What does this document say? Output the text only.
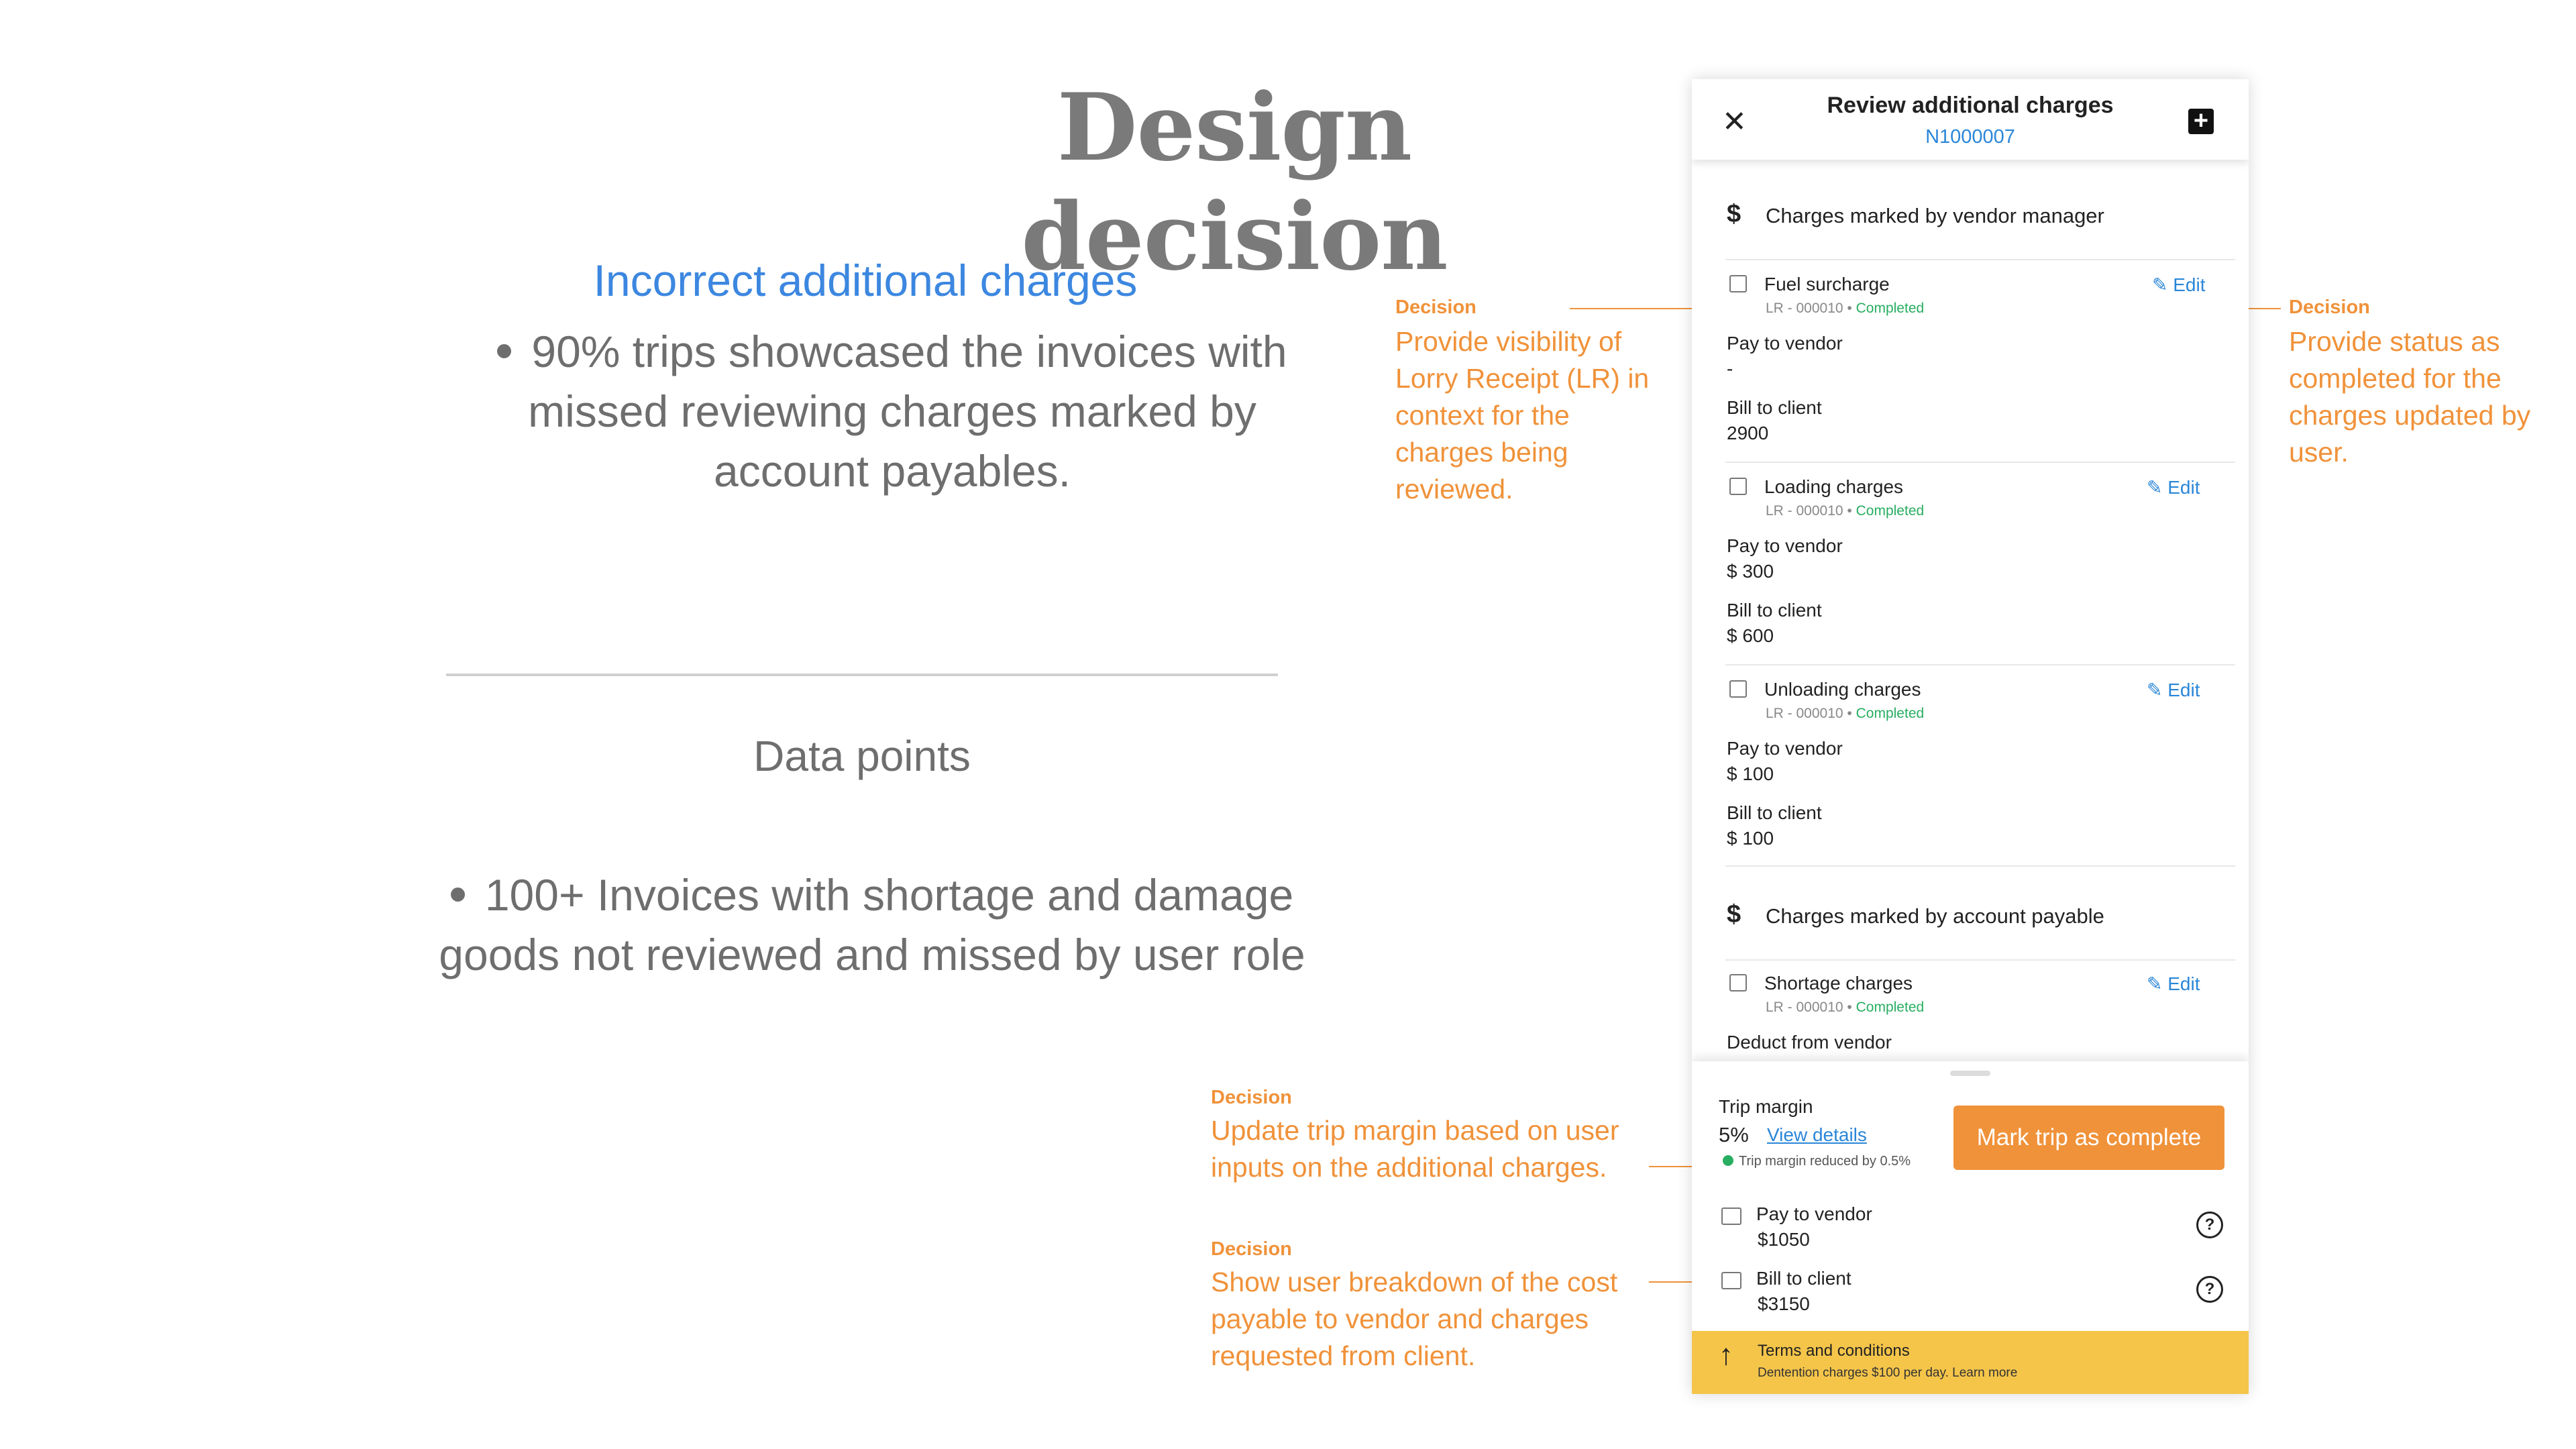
Design decision
Incorrect additional charges
90% trips showcased the invoices with missed reviewing charges marked by account payables.
Data points
100+ Invoices with shortage and damage goods not reviewed and missed by user role
Decision
Provide visibility of Lorry Receipt (LR) in context for the charges being reviewed.
Decision
Provide status as completed for the charges updated by user.
Decision
Update trip margin based on user inputs on the additional charges.
Decision
Show user breakdown of the cost payable to vendor and charges requested from client.
✕	Review additional charges
N1000007
+
$ Charges marked by vendor manager
Fuel surcharge
LR - 000010 • Completed
✎ Edit
Pay to vendor
-
Bill to client
2900
Loading charges
LR - 000010 • Completed
✎ Edit
Pay to vendor
$ 300
Bill to client
$ 600
Unloading charges
LR - 000010 • Completed
✎ Edit
Pay to vendor
$ 100
Bill to client
$ 100
$ Charges marked by account payable
Shortage charges
LR - 000010 • Completed
✎ Edit
Deduct from vendor
Trip margin
5% View details
Trip margin reduced by 0.5%
Mark trip as complete
Pay to vendor
$1050
?
Bill to client
$3150
?
↑ Terms and conditions
Dentention charges $100 per day. Learn more
